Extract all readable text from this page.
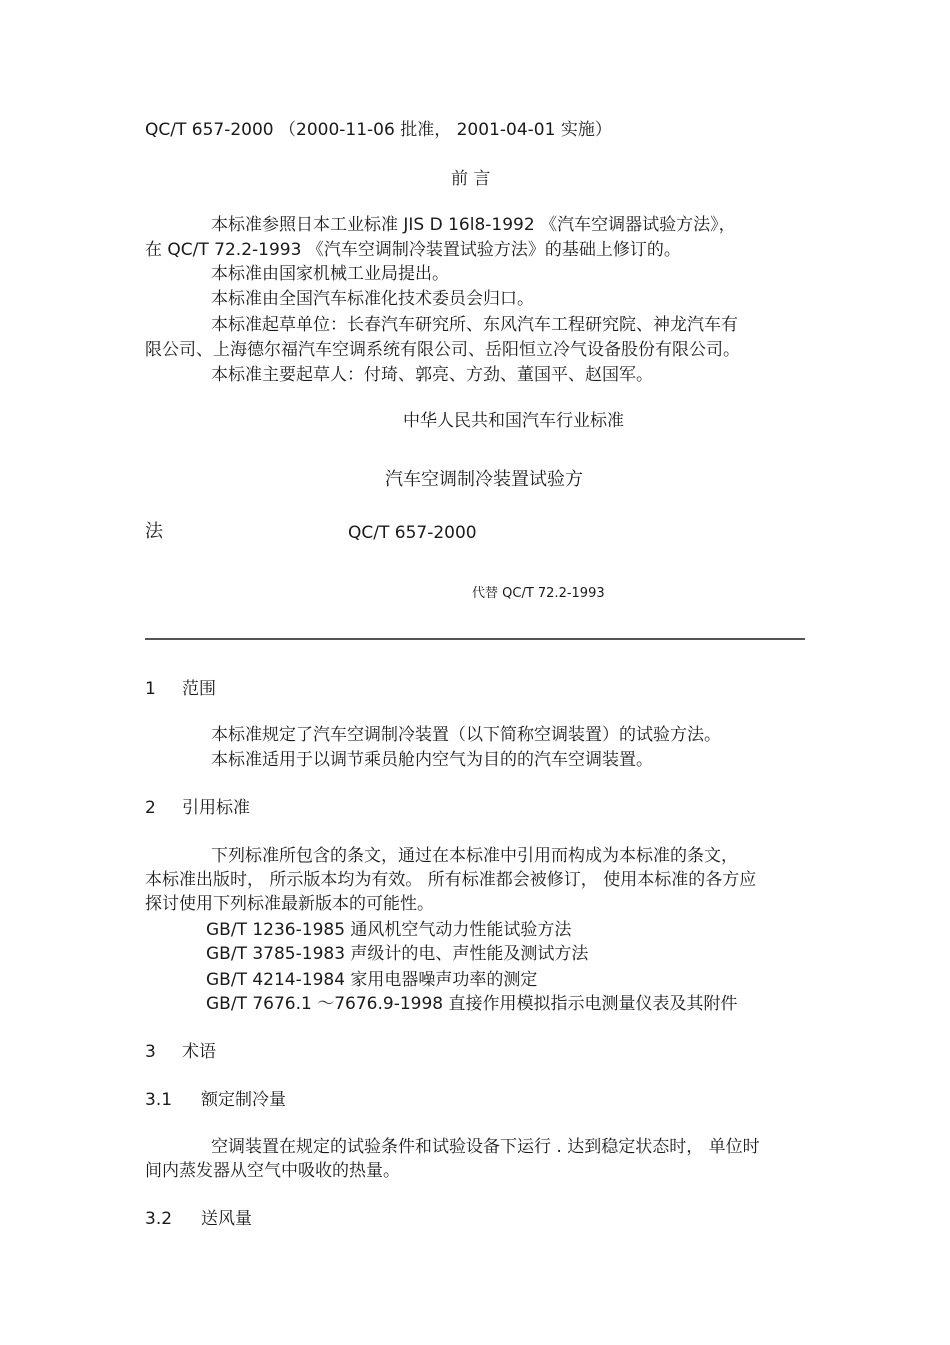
QC/T 657-2000 （2000-11-06 批准， 2001-04-01 实施）
前 言
本标准参照日本工业标准 JIS D 16l8-1992 《汽车空调器试验方法》，
在 QC/T 72.2-1993 《汽车空调制冷装置试验方法》的基础上修订的。
本标准由国家机械工业局提出。
本标准由全国汽车标准化技术委员会归口。
本标准起草单位：长春汽车研究所、东风汽车工程研究院、神龙汽车有
限公司、上海德尔福汽车空调系统有限公司、岳阳恒立冷气设备股份有限公司。
本标准主要起草人：付琦、郭亮、方劲、董国平、赵国军。
中华人民共和国汽车行业标准
汽车空调制冷装置试验方
法	QC/T 657-2000
代替 QC/T 72.2-1993
1 范围
本标准规定了汽车空调制冷装置（以下简称空调装置）的试验方法。
本标准适用于以调节乘员舱内空气为目的的汽车空调装置。
2 引用标准
下列标准所包含的条文，通过在本标准中引用而构成为本标准的条文，
本标准出版时， 所示版本均为有效。 所有标准都会被修订， 使用本标准的各方应
探讨使用下列标准最新版本的可能性。
GB/T 1236-1985 通风机空气动力性能试验方法
GB/T 3785-1983 声级计的电、声性能及测试方法
GB/T 4214-1984 家用电器噪声功率的测定
GB/T 7676.1 ～7676.9-1998 直接作用模拟指示电测量仪表及其附件
3 术语
3.1 额定制冷量
空调装置在规定的试验条件和试验设备下运行 . 达到稳定状态时， 单位时
间内蒸发器从空气中吸收的热量。
3.2 送风量
